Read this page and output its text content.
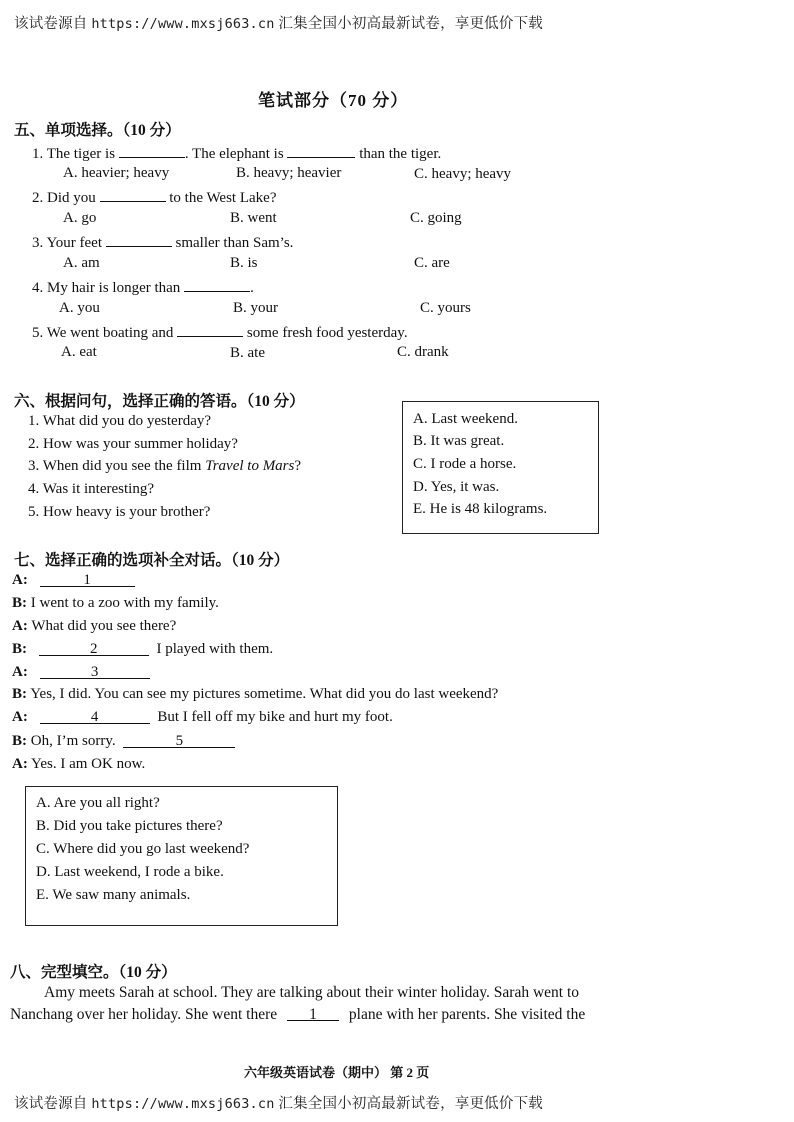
该试卷源自 https://www.mxsj663.cn 汇集全国小初高最新试卷，享更低价下载
笔试部分（70 分）
五、单项选择。（10 分）
1. The tiger is	. The elephant is	than the tiger.
A. heavier; heavy	B. heavy; heavier	C. heavy; heavy
2. Did you	to the West Lake?
A. go	B. went	C. going
3. Your feet	smaller than Sam’s.
A. am	B. is	C. are
4. My hair is longer than	.
A. you	B. your	C. yours
5. We went boating and	some fresh food yesterday.
A. eat	B. ate	C. drank
六、根据问句，选择正确的答语。（10 分）
1. What did you do yesterday?
2. How was your summer holiday?
3. When did you see the film Travel to Mars?
4. Was it interesting?
5. How heavy is your brother?
A. Last weekend.
B. It was great.
C. I rode a horse.
D. Yes, it was.
E. He is 48 kilograms.
七、选择正确的选项补全对话。（10 分）
A:	1
B: I went to a zoo with my family.
A: What did you see there?
B:	2	I played with them.
A:	3
B: Yes, I did. You can see my pictures sometime. What did you do last weekend?
A:	4	But I fell off my bike and hurt my foot.
B: Oh, I’m sorry.	5
A: Yes. I am OK now.
A. Are you all right?
B. Did you take pictures there?
C. Where did you go last weekend?
D. Last weekend, I rode a bike.
E. We saw many animals.
八、完型填空。（10 分）
Amy meets Sarah at school. They are talking about their winter holiday. Sarah went to
Nanchang over her holiday. She went there 1 plane with her parents. She visited the
六年级英语试卷（期中） 第 2 页
该试卷源自 https://www.mxsj663.cn 汇集全国小初高最新试卷，享更低价下载
